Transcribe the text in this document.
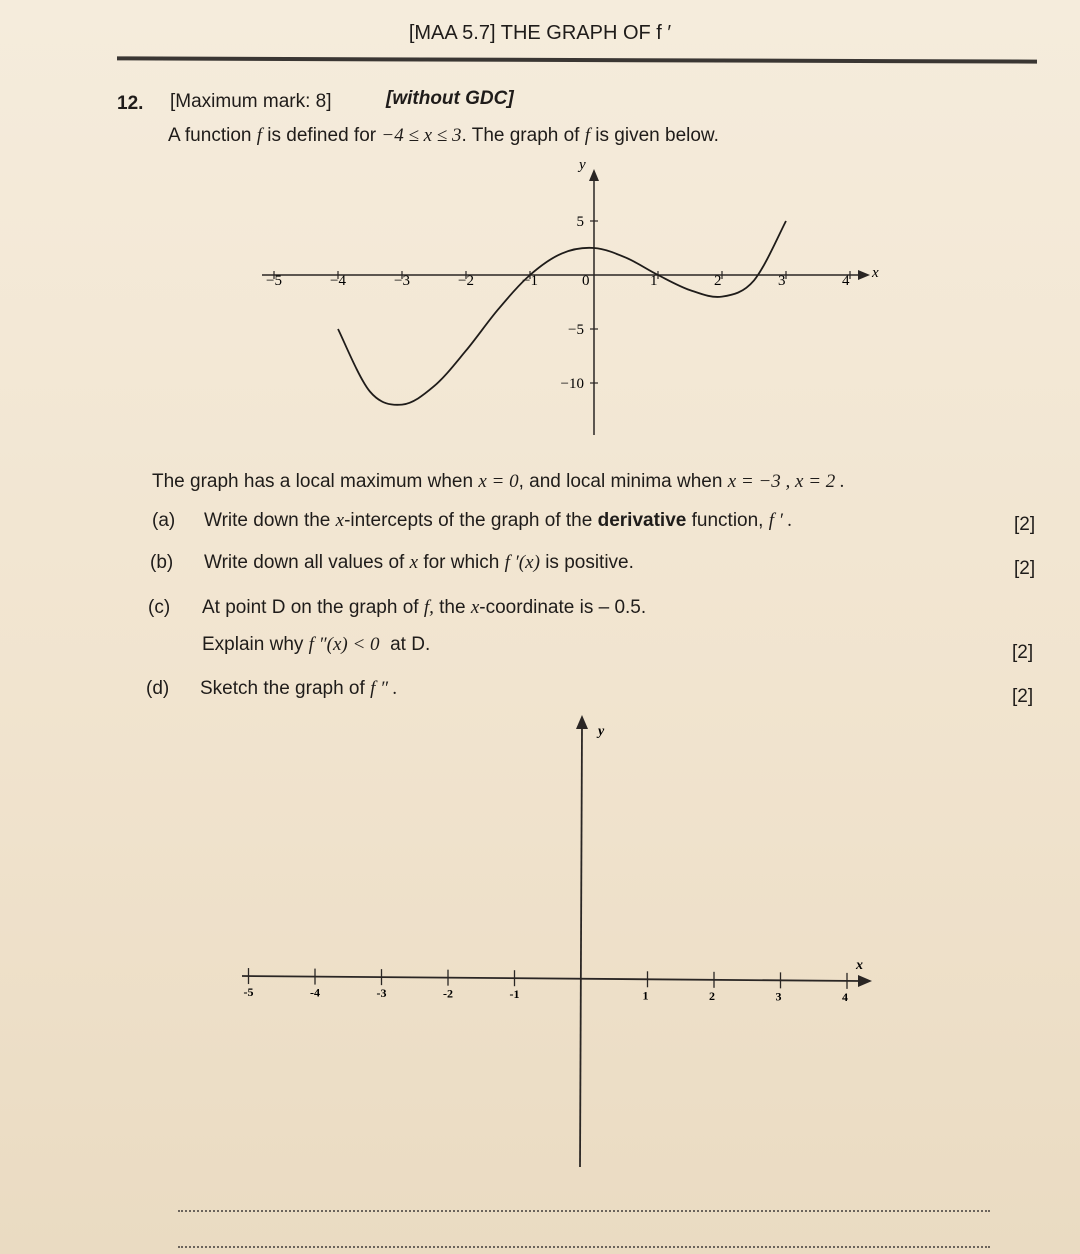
[MAA 5.7] THE GRAPH OF f ′
12. [Maximum mark: 8]	[without GDC]
A function f is defined for −4 ≤ x ≤ 3. The graph of f is given below.
x
y
−5	−4	−3	−2	−1	0	1	2	3	4
5
−5
−10
The graph has a local maximum when x = 0, and local minima when x = −3 , x = 2 .
(a) Write down the x-intercepts of the graph of the derivative function, f ′ .	[2]
(b) Write down all values of x for which f ′(x) is positive.	[2]
(c) At point D on the graph of f, the x-coordinate is – 0.5.
Explain why f ″(x) < 0 at D.	[2]
(d) Sketch the graph of f ″ .	[2]
x
y
-5	-4	-3	-2	-1	1	2	3	4
